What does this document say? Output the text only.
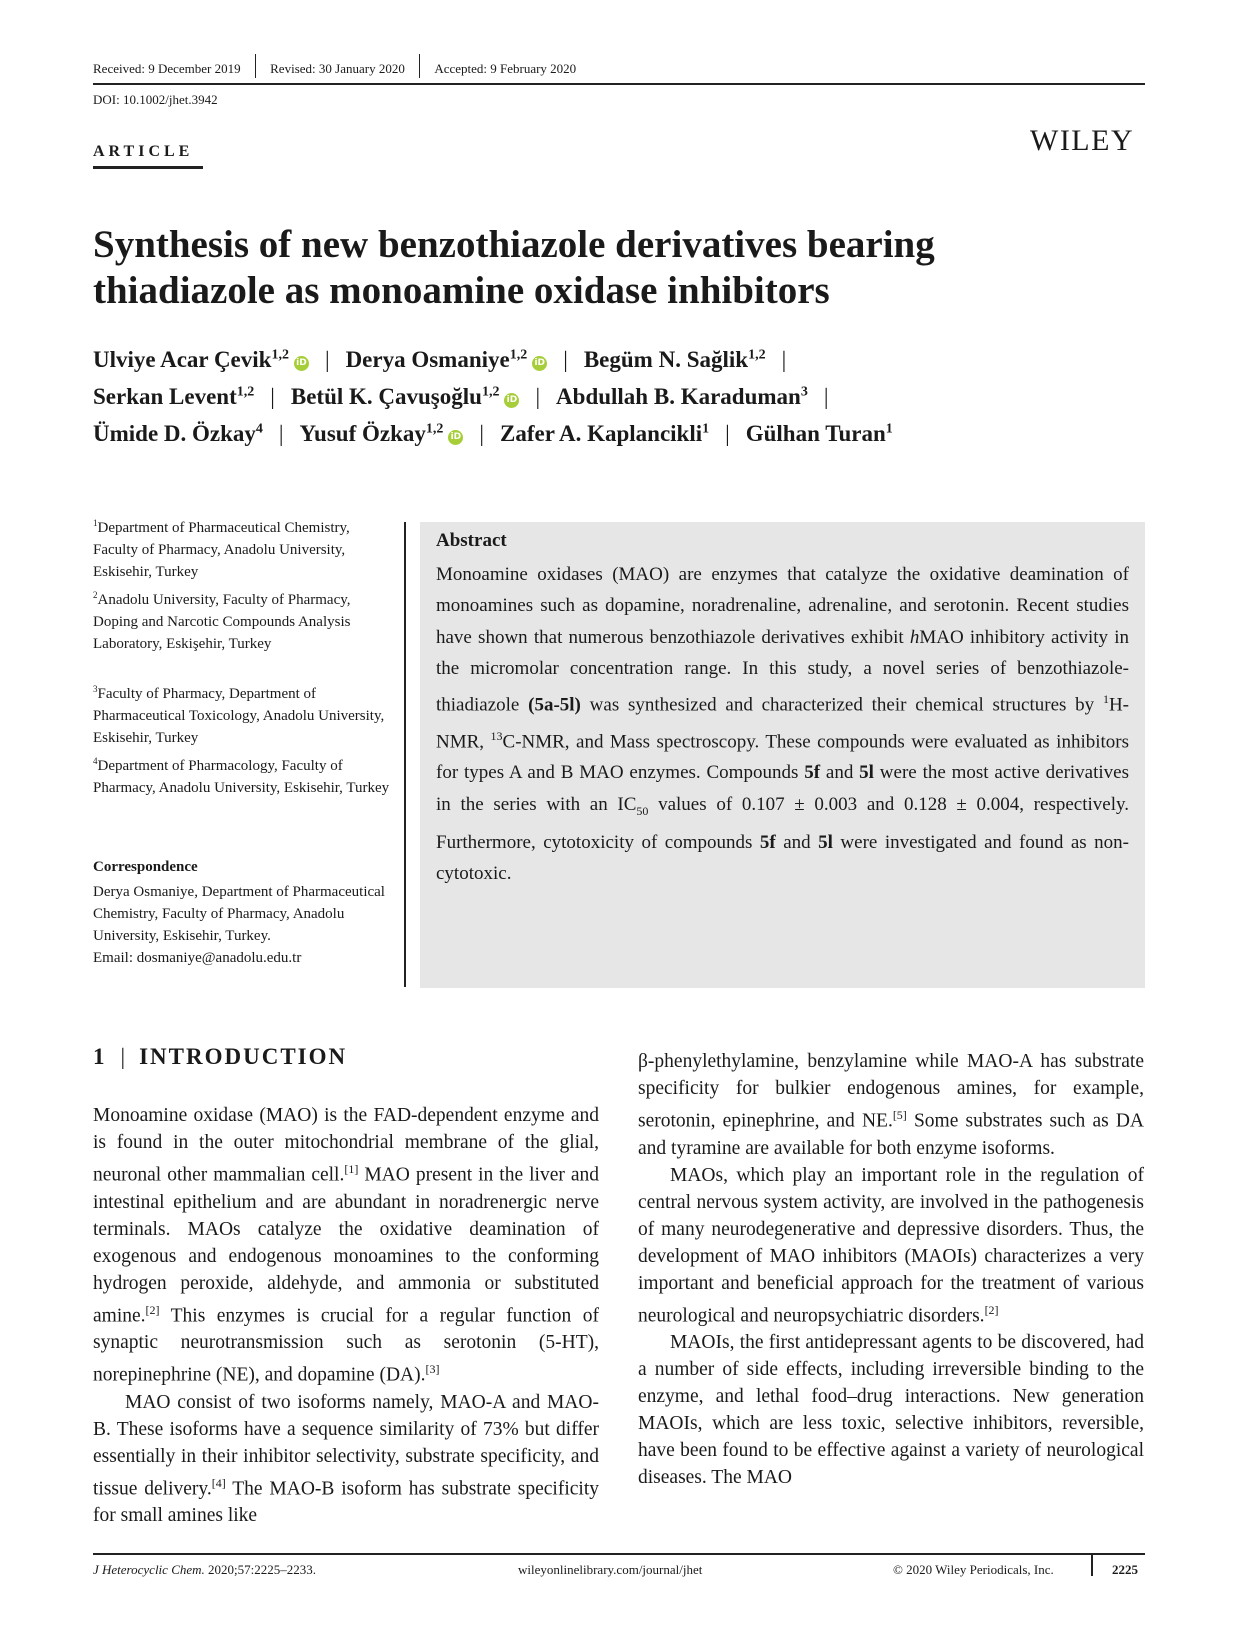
Received: 9 December 2019	Revised: 30 January 2020	Accepted: 9 February 2020
DOI: 10.1002/jhet.3942
ARTICLE	WILEY
Synthesis of new benzothiazole derivatives bearing thiadiazole as monoamine oxidase inhibitors
Ulviye Acar Çevik$^{1,2}$iD | Derya Osmaniye$^{1,2}$iD | Begüm N. Sağlik$^{1,2}$ |
Serkan Levent$^{1,2}$ | Betül K. Çavuşoğlu$^{1,2}$iD | Abdullah B. Karaduman$^3$ |
Ümide D. Özkay$^4$ | Yusuf Özkay$^{1,2}$iD | Zafer A. Kaplancikli$^1$ | Gülhan Turan$^1$
$^1$Department of Pharmaceutical Chemistry, Faculty of Pharmacy, Anadolu University, Eskisehir, Turkey
$^2$Anadolu University, Faculty of Pharmacy, Doping and Narcotic Compounds Analysis Laboratory, Eskişehir, Turkey
$^3$Faculty of Pharmacy, Department of Pharmaceutical Toxicology, Anadolu University, Eskisehir, Turkey
$^4$Department of Pharmacology, Faculty of Pharmacy, Anadolu University, Eskisehir, Turkey
Correspondence
Derya Osmaniye, Department of Pharmaceutical Chemistry, Faculty of Pharmacy, Anadolu University, Eskisehir, Turkey.
Email: dosmaniye@anadolu.edu.tr
Abstract
Monoamine oxidases (MAO) are enzymes that catalyze the oxidative deamination of monoamines such as dopamine, noradrenaline, adrenaline, and serotonin. Recent studies have shown that numerous benzothiazole derivatives exhibit hMAO inhibitory activity in the micromolar concentration range. In this study, a novel series of benzothiazole-thiadiazole (5a-5l) was synthesized and characterized their chemical structures by $^1$H-NMR, $^{13}$C-NMR, and Mass spectroscopy. These compounds were evaluated as inhibitors for types A and B MAO enzymes. Compounds 5f and 5l were the most active derivatives in the series with an $IC_{50}$ values of 0.107 ± 0.003 and 0.128 ± 0.004, respectively. Furthermore, cytotoxicity of compounds 5f and 5l were investigated and found as non-cytotoxic.
1 | INTRODUCTION

Monoamine oxidase (MAO) is the FAD-dependent enzyme and is found in the outer mitochondrial membrane of the glial, neuronal other mammalian cell.[1] MAO present in the liver and intestinal epithelium and are abundant in noradrenergic nerve terminals. MAOs catalyze the oxidative deamination of exogenous and endogenous monoamines to the conforming hydrogen peroxide, aldehyde, and ammonia or substituted amine.[2] This enzymes is crucial for a regular function of synaptic neurotransmission such as serotonin (5-HT), norepinephrine (NE), and dopamine (DA).[3]

MAO consist of two isoforms namely, MAO-A and MAO-B. These isoforms have a sequence similarity of 73% but differ essentially in their inhibitor selectivity, substrate specificity, and tissue delivery.[4] The MAO-B isoform has substrate specificity for small amines like

β-phenylethylamine, benzylamine while MAO-A has substrate specificity for bulkier endogenous amines, for example, serotonin, epinephrine, and NE.[5] Some substrates such as DA and tyramine are available for both enzyme isoforms.

MAOs, which play an important role in the regulation of central nervous system activity, are involved in the pathogenesis of many neurodegenerative and depressive disorders. Thus, the development of MAO inhibitors (MAOIs) characterizes a very important and beneficial approach for the treatment of various neurological and neuropsychiatric disorders.[2]

MAOIs, the first antidepressant agents to be discovered, had a number of side effects, including irreversible binding to the enzyme, and lethal food–drug interactions. New generation MAOIs, which are less toxic, selective inhibitors, reversible, have been found to be effective against a variety of neurological diseases. The MAO

J Heterocyclic Chem. 2020;57:2225–2233.	wileyonlinelibrary.com/journal/jhet	© 2020 Wiley Periodicals, Inc.	2225
